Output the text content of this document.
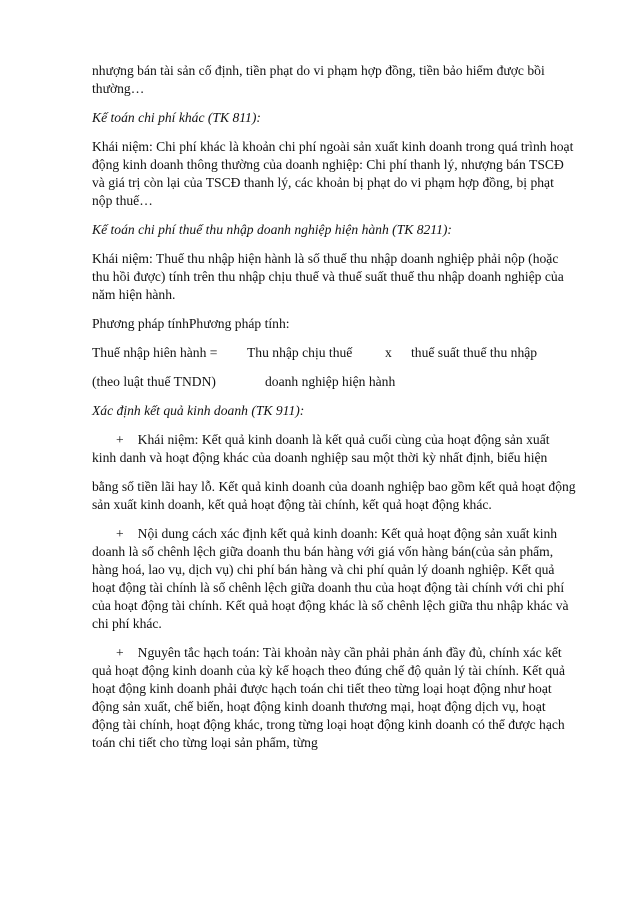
nhượng bán tài sản cố định, tiền phạt do vi phạm hợp đồng, tiền bảo hiểm được bồi thường…

Kế toán chi phí khác (TK 811):

Khái niệm: Chi phí khác là khoản chi phí ngoài sản xuất kinh doanh trong quá trình hoạt động kinh doanh thông thường của doanh nghiệp: Chi phí thanh lý, nhượng bán TSCĐ và giá trị còn lại của TSCĐ thanh lý, các khoản bị phạt do vi phạm hợp đồng, bị phạt nộp thuế…

Kế toán chi phí thuế thu nhập doanh nghiệp hiện hành (TK 8211):

Khái niệm: Thuế thu nhập hiện hành là số thuế thu nhập doanh nghiệp phải nộp (hoặc thu hồi được) tính trên thu nhập chịu thuế và thuế suất thuế thu nhập doanh nghiệp của năm hiện hành.

Phương pháp tínhPhương pháp tính:

Thuế nhập hiên hành =	Thu nhập chịu thuế	x	thuế suất thuế thu nhập
(theo luật thuế TNDN)	doanh nghiệp hiện hành

Xác định kết quả kinh doanh (TK 911):

+ Khái niệm: Kết quả kinh doanh là kết quả cuối cùng của hoạt động sản xuất kinh danh và hoạt động khác của doanh nghiệp sau một thời kỳ nhất định, biểu hiện

bằng số tiền lãi hay lỗ. Kết quả kinh doanh của doanh nghiệp bao gồm kết quả hoạt động sản xuất kinh doanh, kết quả hoạt động tài chính, kết quả hoạt động khác.

+ Nội dung cách xác định kết quả kinh doanh: Kết quả hoạt động sản xuất kinh doanh là số chênh lệch giữa doanh thu bán hàng với giá vốn hàng bán(của sản phẩm, hàng hoá, lao vụ, dịch vụ) chi phí bán hàng và chi phí quản lý doanh nghiệp. Kết quả hoạt động tài chính là số chênh lệch giữa doanh thu của hoạt động tài chính với chi phí của hoạt động tài chính. Kết quả hoạt động khác là số chênh lệch giữa thu nhập khác và chi phí khác.

+ Nguyên tắc hạch toán: Tài khoản này cần phải phản ánh đầy đủ, chính xác kết quả hoạt động kinh doanh của kỳ kế hoạch theo đúng chế độ quản lý tài chính. Kết quả hoạt động kinh doanh phải được hạch toán chi tiết theo từng loại hoạt động như hoạt động sản xuất, chế biến, hoạt động kinh doanh thương mại, hoạt động dịch vụ, hoạt động tài chính, hoạt động khác, trong từng loại hoạt động kinh doanh có thể được hạch toán chi tiết cho từng loại sản phẩm, từng
